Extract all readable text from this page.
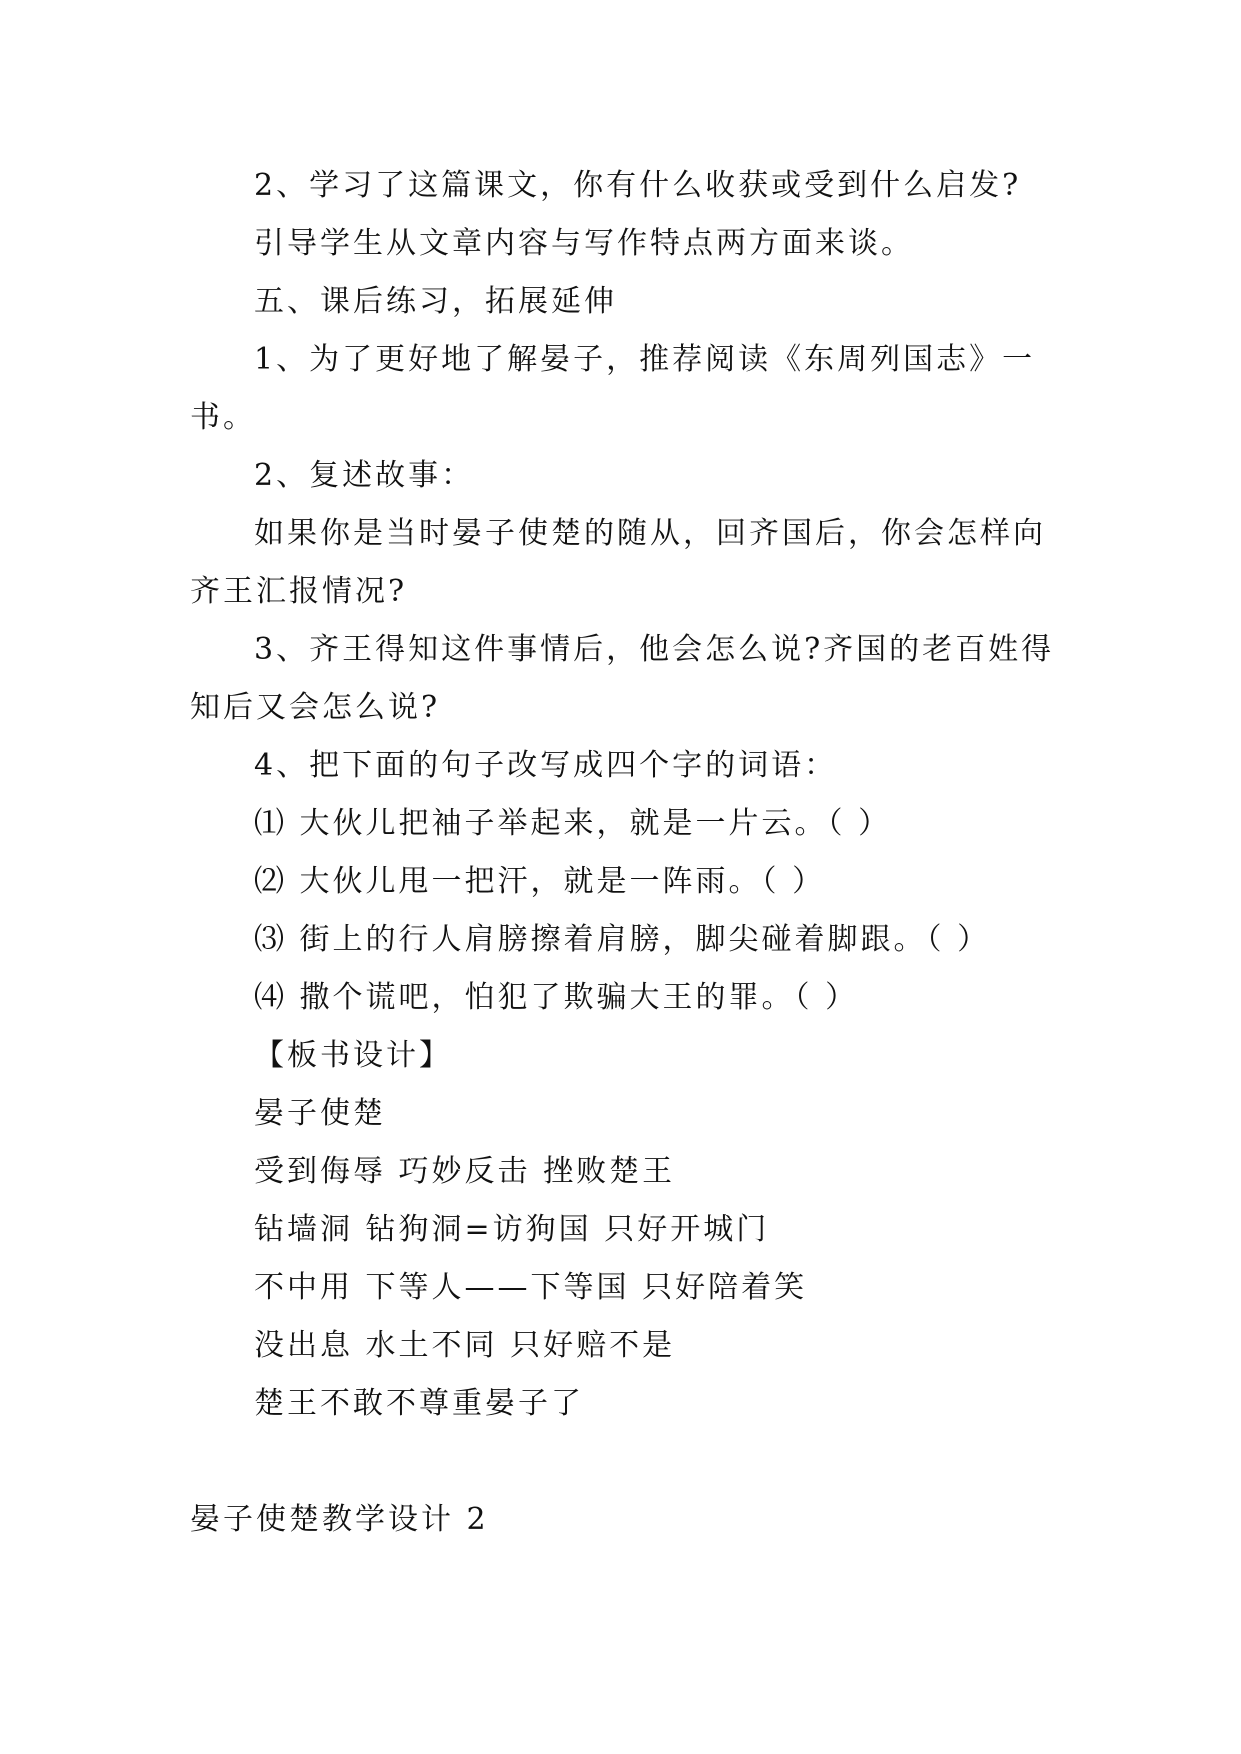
2、学习了这篇课文，你有什么收获或受到什么启发?
引导学生从文章内容与写作特点两方面来谈。
五、课后练习，拓展延伸
1、为了更好地了解晏子，推荐阅读《东周列国志》一
书。
2、复述故事：
如果你是当时晏子使楚的随从，回齐国后，你会怎样向
齐王汇报情况?
3、齐王得知这件事情后，他会怎么说?齐国的老百姓得
知后又会怎么说?
4、把下面的句子改写成四个字的词语：
⑴ 大伙儿把袖子举起来，就是一片云。（ ）
⑵ 大伙儿甩一把汗，就是一阵雨。（ ）
⑶ 街上的行人肩膀擦着肩膀，脚尖碰着脚跟。（ ）
⑷ 撒个谎吧，怕犯了欺骗大王的罪。（ ）
【板书设计】
晏子使楚
受到侮辱 巧妙反击 挫败楚王
钻墙洞 钻狗洞=访狗国 只好开城门
不中用 下等人——下等国 只好陪着笑
没出息 水土不同 只好赔不是
楚王不敢不尊重晏子了
晏子使楚教学设计 2
